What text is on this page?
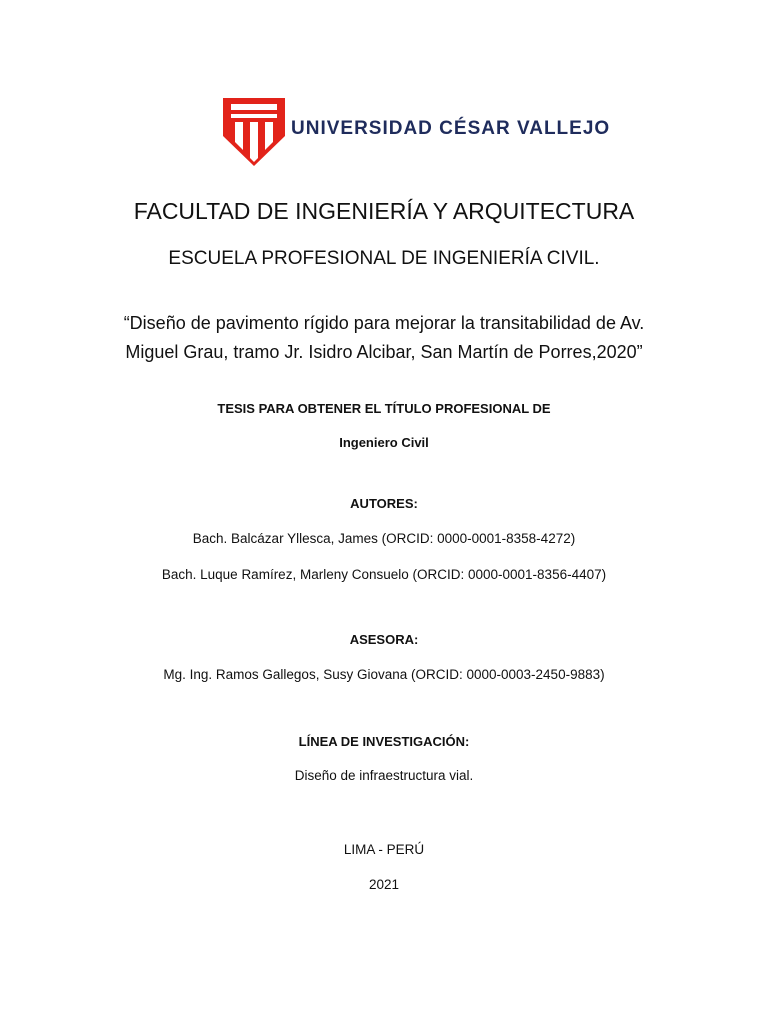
UNIVERSIDAD CÉSAR VALLEJO
FACULTAD DE INGENIERÍA Y ARQUITECTURA
ESCUELA PROFESIONAL DE INGENIERÍA CIVIL.
“Diseño de pavimento rígido para mejorar la transitabilidad de Av.
Miguel Grau, tramo Jr. Isidro Alcibar, San Martín de Porres,2020”
TESIS PARA OBTENER EL TÍTULO PROFESIONAL DE
Ingeniero Civil
AUTORES:
Bach. Balcázar Yllesca, James (ORCID: 0000-0001-8358-4272)
Bach. Luque Ramírez, Marleny Consuelo (ORCID: 0000-0001-8356-4407)
ASESORA:
Mg. Ing. Ramos Gallegos, Susy Giovana (ORCID: 0000-0003-2450-9883)
LÍNEA DE INVESTIGACIÓN:
Diseño de infraestructura vial.
LIMA - PERÚ
2021
